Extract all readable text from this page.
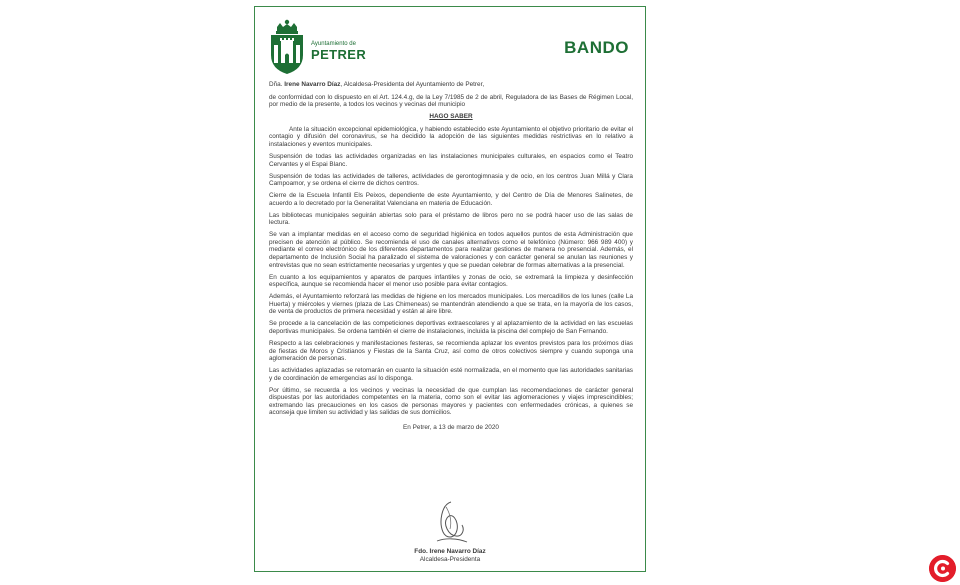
Ayuntamiento de
PETRER	BANDO

Dña. Irene Navarro Díaz, Alcaldesa-Presidenta del Ayuntamiento de Petrer,

de conformidad con lo dispuesto en el Art. 124.4.g, de la Ley 7/1985 de 2 de abril, Reguladora de las Bases de Régimen Local, por medio de la presente, a todos los vecinos y vecinas del municipio

HAGO SABER

Ante la situación excepcional epidemiológica, y habiendo establecido este Ayuntamiento el objetivo prioritario de evitar el contagio y difusión del coronavirus, se ha decidido la adopción de las siguientes medidas restrictivas en lo relativo a instalaciones y eventos municipales.

Suspensión de todas las actividades organizadas en las instalaciones municipales culturales, en espacios como el Teatro Cervantes y el Espai Blanc.

Suspensión de todas las actividades de talleres, actividades de gerontogimnasia y de ocio, en los centros Juan Millá y Clara Campoamor, y se ordena el cierre de dichos centros.

Cierre de la Escuela Infantil Els Peixos, dependiente de este Ayuntamiento, y del Centro de Día de Menores Salinetes, de acuerdo a lo decretado por la Generalitat Valenciana en materia de Educación.

Las bibliotecas municipales seguirán abiertas solo para el préstamo de libros pero no se podrá hacer uso de las salas de lectura.

Se van a implantar medidas en el acceso como de seguridad higiénica en todos aquellos puntos de esta Administración que precisen de atención al público. Se recomienda el uso de canales alternativos como el telefónico (Número: 966 989 400) y mediante el correo electrónico de los diferentes departamentos para realizar gestiones de manera no presencial. Además, el departamento de Inclusión Social ha paralizado el sistema de valoraciones y con carácter general se anulan las reuniones y entrevistas que no sean estrictamente necesarias y urgentes y que se puedan celebrar de formas alternativas a la presencial.

En cuanto a los equipamientos y aparatos de parques infantiles y zonas de ocio, se extremará la limpieza y desinfección específica, aunque se recomienda hacer el menor uso posible para evitar contagios.

Además, el Ayuntamiento reforzará las medidas de higiene en los mercados municipales. Los mercadillos de los lunes (calle La Huerta) y miércoles y viernes (plaza de Las Chimeneas) se mantendrán atendiendo a que se trata, en la mayoría de los casos, de venta de productos de primera necesidad y están al aire libre.

Se procede a la cancelación de las competiciones deportivas extraescolares y al aplazamiento de la actividad en las escuelas deportivas municipales. Se ordena también el cierre de instalaciones, incluida la piscina del complejo de San Fernando.

Respecto a las celebraciones y manifestaciones festeras, se recomienda aplazar los eventos previstos para los próximos días de fiestas de Moros y Cristianos y Fiestas de la Santa Cruz, así como de otros colectivos siempre y cuando suponga una aglomeración de personas.

Las actividades aplazadas se retomarán en cuanto la situación esté normalizada, en el momento que las autoridades sanitarias y de coordinación de emergencias así lo disponga.

Por último, se recuerda a los vecinos y vecinas la necesidad de que cumplan las recomendaciones de carácter general dispuestas por las autoridades competentes en la materia, como son el evitar las aglomeraciones y viajes imprescindibles; extremando las precauciones en los casos de personas mayores y pacientes con enfermedades crónicas, a quienes se aconseja que limiten su actividad y las salidas de sus domicilios.

En Petrer, a 13 de marzo de 2020

Fdo. Irene Navarro Díaz
Alcaldesa-Presidenta
